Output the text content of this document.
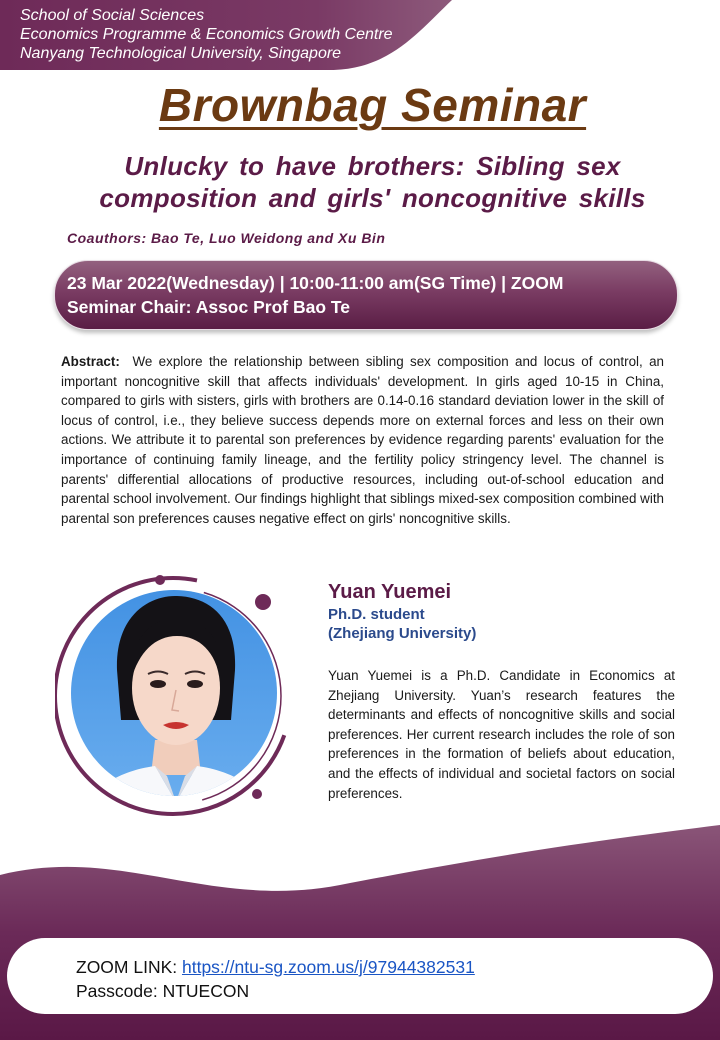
School of Social Sciences
Economics Programme & Economics Growth Centre
Nanyang Technological University, Singapore
Brownbag Seminar
Unlucky to have brothers: Sibling sex
composition and girls' noncognitive skills
Coauthors: Bao Te, Luo Weidong and Xu Bin
23 Mar 2022(Wednesday) | 10:00-11:00 am(SG Time) | ZOOM
Seminar Chair: Assoc Prof Bao Te
Abstract: We explore the relationship between sibling sex composition and locus of control, an important noncognitive skill that affects individuals' development. In girls aged 10-15 in China, compared to girls with sisters, girls with brothers are 0.14-0.16 standard deviation lower in the skill of locus of control, i.e., they believe success depends more on external forces and less on their own actions. We attribute it to parental son preferences by evidence regarding parents' evaluation for the importance of continuing family lineage, and the fertility policy stringency level. The channel is parents' differential allocations of productive resources, including out-of-school education and parental school involvement. Our findings highlight that siblings mixed-sex composition combined with parental son preferences causes negative effect on girls' noncognitive skills.
Yuan Yuemei
Ph.D. student
(Zhejiang University)
Yuan Yuemei is a Ph.D. Candidate in Economics at Zhejiang University. Yuan’s research features the determinants and effects of noncognitive skills and social preferences. Her current research includes the role of son preferences in the formation of beliefs about education, and the effects of individual and societal factors on social preferences.
ZOOM LINK: https://ntu-sg.zoom.us/j/97944382531
Passcode: NTUECON
